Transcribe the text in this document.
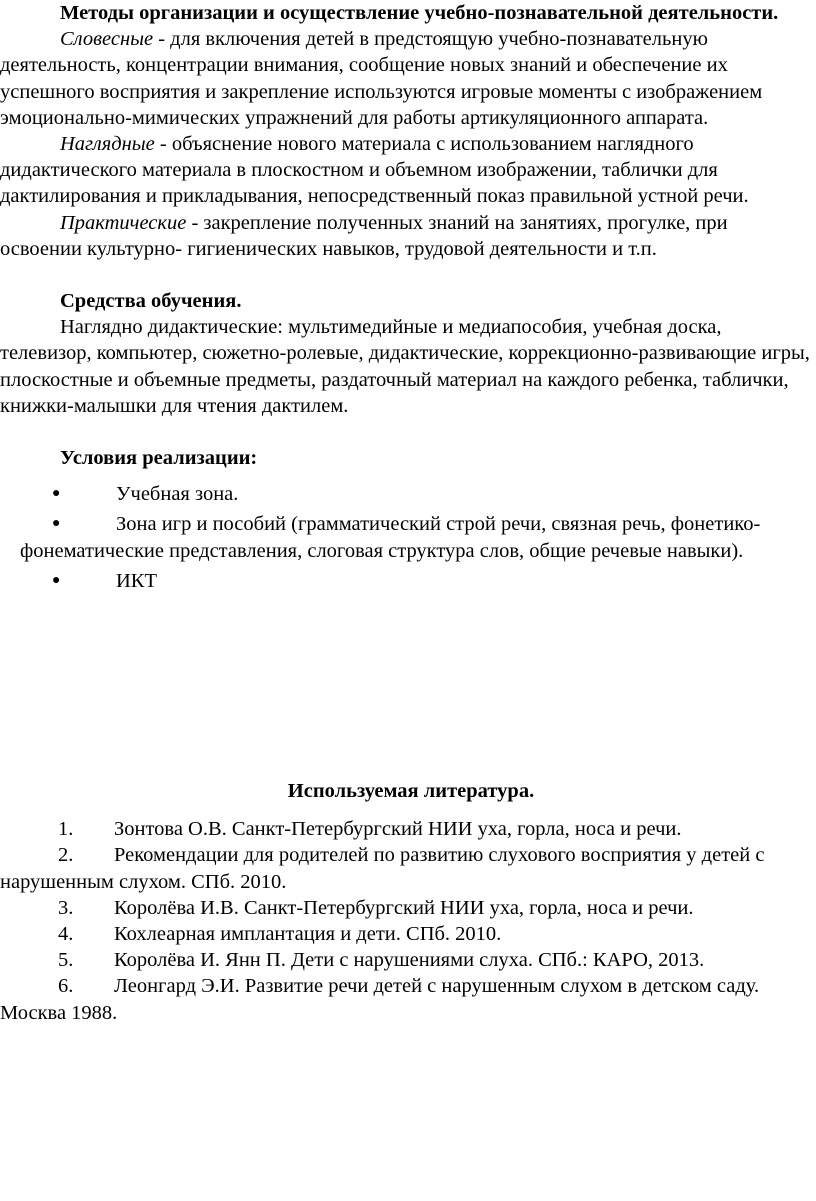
Методы организации и осуществление учебно-познавательной деятельности.

Словесные - для включения детей в предстоящую учебно-познавательную деятельность, концентрации внимания, сообщение новых знаний и обеспечение их успешного восприятия и закрепление используются игровые моменты с изображением эмоционально-мимических упражнений для работы артикуляционного аппарата.

Наглядные - объяснение нового материала с использованием наглядного дидактического материала в плоскостном и объемном изображении, таблички для дактилирования и прикладывания, непосредственный показ правильной устной речи.

Практические - закрепление полученных знаний на занятиях, прогулке, при освоении культурно- гигиенических навыков, трудовой деятельности и т.п.

Средства обучения.

Наглядно дидактические: мультимедийные и медиапособия, учебная доска, телевизор, компьютер, сюжетно-ролевые, дидактические, коррекционно-развивающие игры, плоскостные и объемные предметы, раздаточный материал на каждого ребенка, таблички, книжки-малышки для чтения дактилем.

Условия реализации:

●	Учебная зона.
●	Зона игр и пособий (грамматический строй речи, связная речь, фонетико-фонематические представления, слоговая структура слов, общие речевые навыки).
●	ИКТ

Используемая литература.

1. Зонтова О.В. Санкт-Петербургский НИИ уха, горла, носа и речи.
2. Рекомендации для родителей по развитию слухового восприятия у детей с нарушенным слухом. СПб. 2010.
3. Королёва И.В. Санкт-Петербургский НИИ уха, горла, носа и речи.
4. Кохлеарная имплантация и дети. СПб. 2010.
5. Королёва И. Янн П. Дети с нарушениями слуха. СПб.: КАРО, 2013.
6. Леонгард Э.И. Развитие речи детей с нарушенным слухом в детском саду. Москва 1988.
